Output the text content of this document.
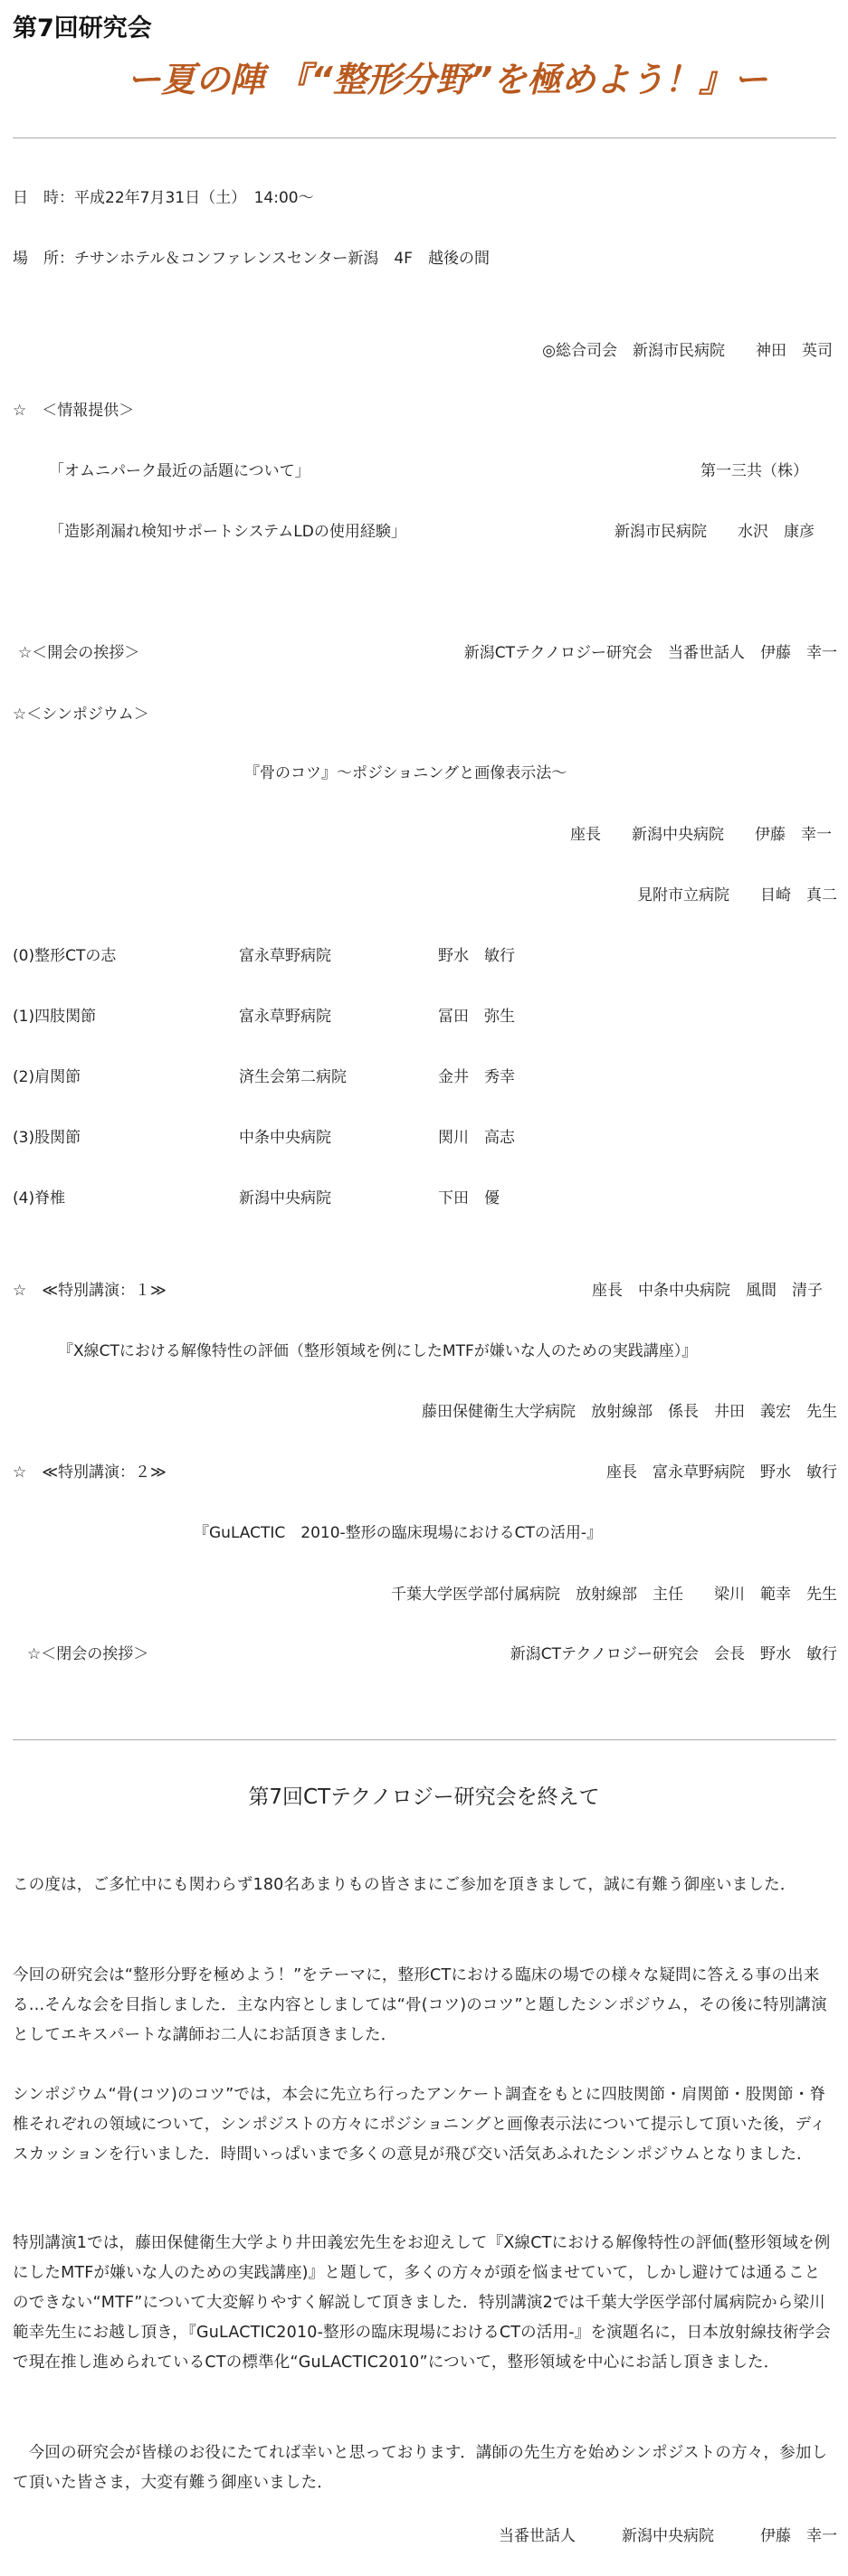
第7回研究会
ー夏の陣 『“整形分野”を極めよう！』ー
日　時：平成22年7月31日（土）　14:00〜
場　所：チサンホテル＆コンファレンスセンター新潟　4F　越後の間
◎総合司会　新潟市民病院　　神田　英司
☆　＜情報提供＞
「オムニパーク最近の話題について」	第一三共（株）
「造影剤漏れ検知サポートシステムLDの使用経験」	新潟市民病院　　水沢　康彦
☆＜開会の挨拶＞	新潟CTテクノロジー研究会　当番世話人　伊藤　幸一
☆＜シンポジウム＞
『骨のコツ』〜ポジショニングと画像表示法〜
座長　　新潟中央病院　　伊藤　幸一
見附市立病院　　目崎　真二
(0)整形CTの志	富永草野病院	野水　敏行
(1)四肢関節	富永草野病院	冨田　弥生
(2)肩関節	済生会第二病院	金井　秀幸
(3)股関節	中条中央病院	関川　高志
(4)脊椎	新潟中央病院	下田　優
☆　≪特別講演：１≫	座長　中条中央病院　風間　清子
『X線CTにおける解像特性の評価（整形領域を例にしたMTFが嫌いな人のための実践講座）』
藤田保健衛生大学病院　放射線部　係長　井田　義宏　先生
☆　≪特別講演：２≫	座長　富永草野病院　野水　敏行
『GuLACTIC　2010-整形の臨床現場におけるCTの活用-』
千葉大学医学部付属病院　放射線部　主任　　梁川　範幸　先生
☆＜閉会の挨拶＞	新潟CTテクノロジー研究会　会長　野水　敏行
第7回CTテクノロジー研究会を終えて
この度は，ご多忙中にも関わらず180名あまりもの皆さまにご参加を頂きまして，誠に有難う御座いました．
今回の研究会は“整形分野を極めよう！”をテーマに，整形CTにおける臨床の場での様々な疑問に答える事の出来る…そんな会を目指しました．主な内容としましては“骨(コツ)のコツ”と題したシンポジウム，その後に特別講演としてエキスパートな講師お二人にお話頂きました．
シンポジウム“骨(コツ)のコツ”では，本会に先立ち行ったアンケート調査をもとに四肢関節・肩関節・股関節・脊椎それぞれの領域について，シンポジストの方々にポジショニングと画像表示法について提示して頂いた後，ディスカッションを行いました．時間いっぱいまで多くの意見が飛び交い活気あふれたシンポジウムとなりました．
特別講演1では，藤田保健衛生大学より井田義宏先生をお迎えして『X線CTにおける解像特性の評価(整形領域を例にしたMTFが嫌いな人のための実践講座)』と題して，多くの方々が頭を悩ませていて，しかし避けては通ることのできない“MTF”について大変解りやすく解説して頂きました．特別講演2では千葉大学医学部付属病院から梁川範幸先生にお越し頂き，『GuLACTIC2010-整形の臨床現場におけるCTの活用-』を演題名に，日本放射線技術学会で現在推し進められているCTの標準化“GuLACTIC2010”について，整形領域を中心にお話し頂きました．
　今回の研究会が皆様のお役にたてれば幸いと思っております．講師の先生方を始めシンポジストの方々，参加して頂いた皆さま，大変有難う御座いました．
当番世話人　　　新潟中央病院　　　伊藤　幸一
